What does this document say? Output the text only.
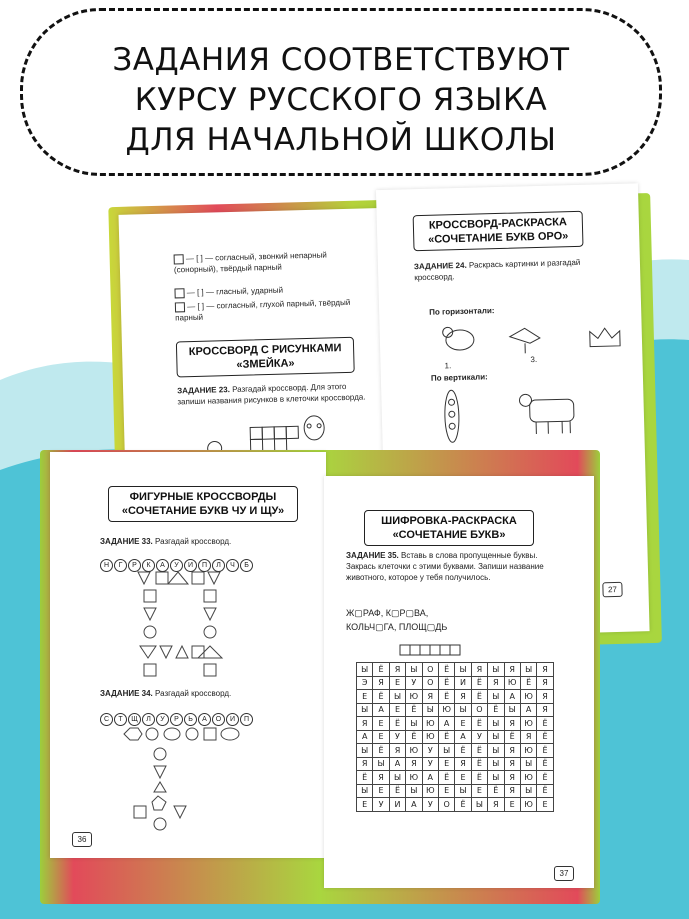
ЗАДАНИЯ СООТВЕТСТВУЮТ
КУРСУ РУССКОГО ЯЗЫКА
ДЛЯ НАЧАЛЬНОЙ ШКОЛЫ
— [ ] — согласный, звонкий непарный (сонорный), твёрдый парный
— [ ] — гласный, ударный
— [ ] — согласный, глухой парный, твёрдый парный
КРОССВОРД С РИСУНКАМИ
«ЗМЕЙКА»
ЗАДАНИЕ 23. Разгадай кроссворд. Для этого запиши названия рисунков в клеточки кроссворда.
КРОССВОРД-РАСКРАСКА
«СОЧЕТАНИЕ БУКВ ОРО»
ЗАДАНИЕ 24. Раскрась картинки и разгадай кроссворд.
По горизонтали:
1.
3.
По вертикали:
27
ФИГУРНЫЕ КРОССВОРДЫ
«СОЧЕТАНИЕ БУКВ ЧУ И ЩУ»
ЗАДАНИЕ 33. Разгадай кроссворд.
Н Г Р К А У И П Л Ч Б
ЗАДАНИЕ 34. Разгадай кроссворд.
С Т Щ Л У Р Ь А О И П
36
ШИФРОВКА-РАСКРАСКА
«СОЧЕТАНИЕ БУКВ»
ЗАДАНИЕ 35. Вставь в слова пропущенные буквы. Закрась клеточки с этими буквами. Запиши название животного, которое у тебя получилось.
Ж▢РАФ, К▢Р▢ВА,
КОЛЬЧ▢ГА, ПЛОЩ▢ДЬ
Ы	Ё	Я	Ы	О	Ё	Ы	Я	Ы	Я	Ы	Я
Э	Я	Е	У	О	Ё	И	Ё	Я	Ю	Ё	Я
Е	Ё	Ы	Ю	Я	Ё	Я	Ё	Ы	А	Ю	Я
Ы	А	Е	Ё	Ы	Ю	Ы	О	Ё	Ы	А	Я
Я	Е	Ё	Ы	Ю	А	Е	Ё	Ы	Я	Ю	Ё
А	Е	У	Ё	Ю	Ё	А	У	Ы	Ё	Я	Ё
Ы	Ё	Я	Ю	У	Ы	Ё	Ё	Ы	Я	Ю	Ё
Я	Ы	А	Я	У	Е	Я	Ё	Ы	Я	Ы	Ё
Ё	Я	Ы	Ю	А	Ё	Е	Ё	Ы	Я	Ю	Ё
Ы	Е	Ё	Ы	Ю	Е	Ы	Е	Ё	Я	Ы	Ё
Е	У	И	А	У	О	Ё	Ы	Я	Е	Ю	Е
37
